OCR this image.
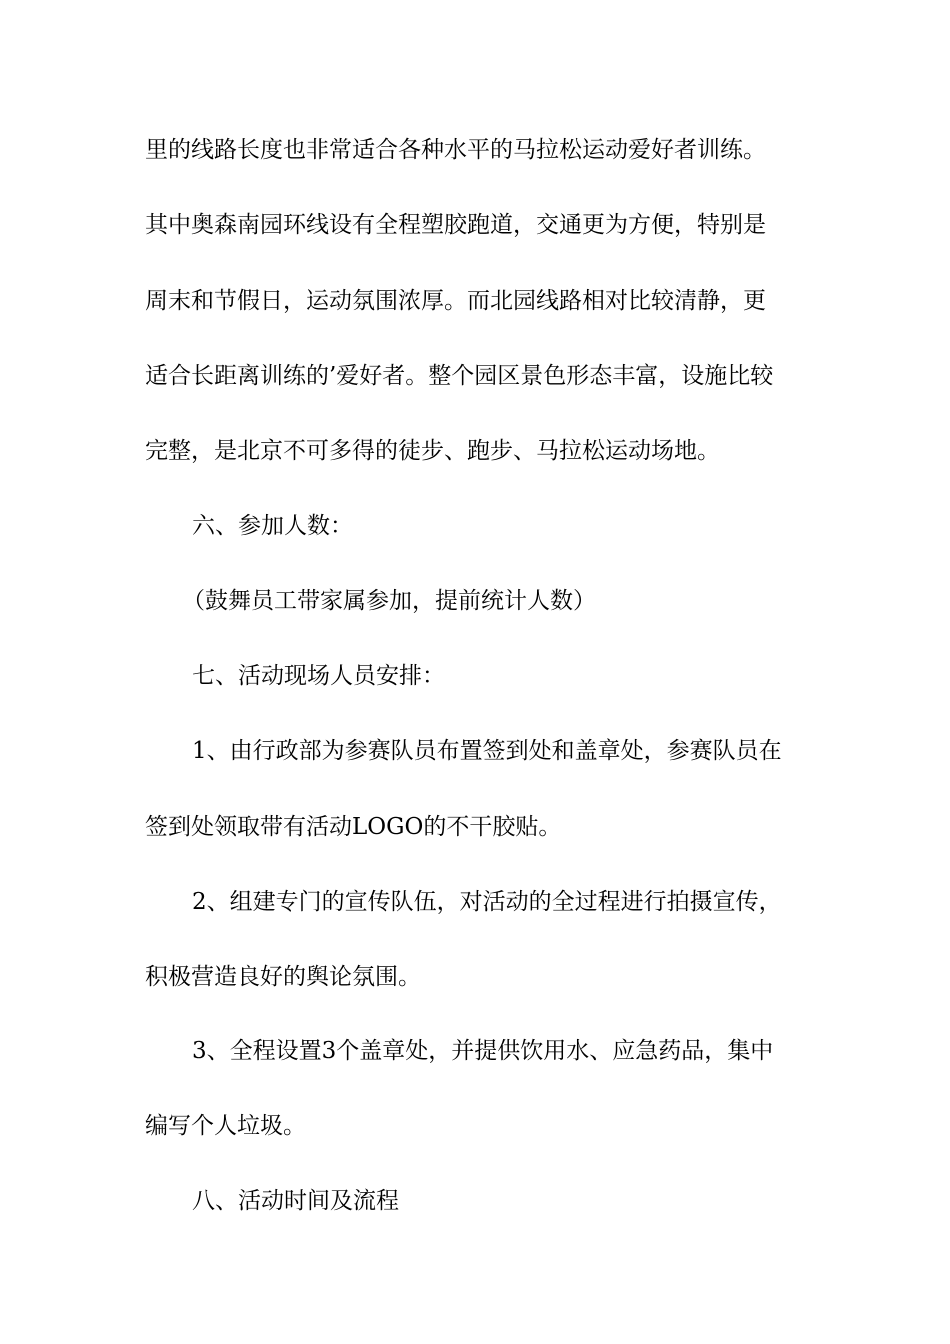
里的线路长度也非常适合各种水平的马拉松运动爱好者训练。
其中奥森南园环线设有全程塑胶跑道，交通更为方便，特别是
周末和节假日，运动氛围浓厚。而北园线路相对比较清静，更
适合长距离训练的’爱好者。整个园区景色形态丰富，设施比较
完整，是北京不可多得的徒步、跑步、马拉松运动场地。
六、参加人数：
（鼓舞员工带家属参加，提前统计人数）
七、活动现场人员安排：
1、由行政部为参赛队员布置签到处和盖章处，参赛队员在
签到处领取带有活动LOGO的不干胶贴。
2、组建专门的宣传队伍，对活动的全过程进行拍摄宣传，
积极营造良好的舆论氛围。
3、全程设置3个盖章处，并提供饮用水、应急药品，集中
编写个人垃圾。
八、活动时间及流程
